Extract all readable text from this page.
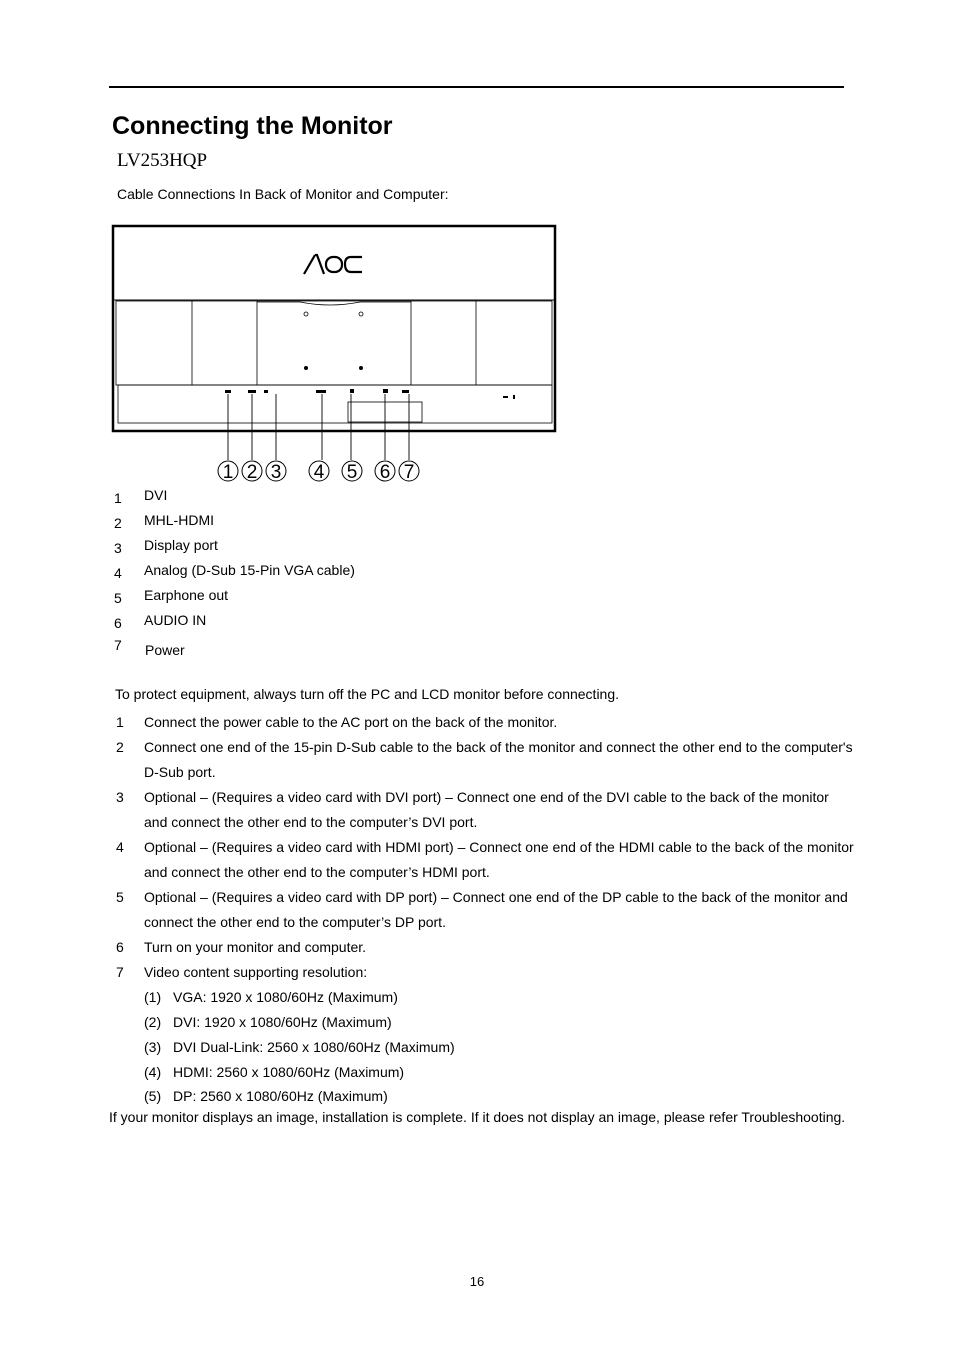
Connecting the Monitor
LV253HQP
Cable Connections In Back of Monitor and Computer:
1 2 3 4 5 6 7
1 DVI
2 MHL-HDMI
3 Display port
4 Analog (D-Sub 15-Pin VGA cable)
5 Earphone out
6 AUDIO IN
7 Power
To protect equipment, always turn off the PC and LCD monitor before connecting.
1 Connect the power cable to the AC port on the back of the monitor.
2 Connect one end of the 15-pin D-Sub cable to the back of the monitor and connect the other end to the computer's D-Sub port.
3 Optional – (Requires a video card with DVI port) – Connect one end of the DVI cable to the back of the monitor and connect the other end to the computer’s DVI port.
4 Optional – (Requires a video card with HDMI port) – Connect one end of the HDMI cable to the back of the monitor and connect the other end to the computer’s HDMI port.
5 Optional – (Requires a video card with DP port) – Connect one end of the DP cable to the back of the monitor and connect the other end to the computer’s DP port.
6 Turn on your monitor and computer.
7 Video content supporting resolution:
(1) VGA: 1920 x 1080/60Hz (Maximum)
(2) DVI: 1920 x 1080/60Hz (Maximum)
(3) DVI Dual-Link: 2560 x 1080/60Hz (Maximum)
(4) HDMI: 2560 x 1080/60Hz (Maximum)
(5) DP: 2560 x 1080/60Hz (Maximum)
If your monitor displays an image, installation is complete. If it does not display an image, please refer Troubleshooting.
16
